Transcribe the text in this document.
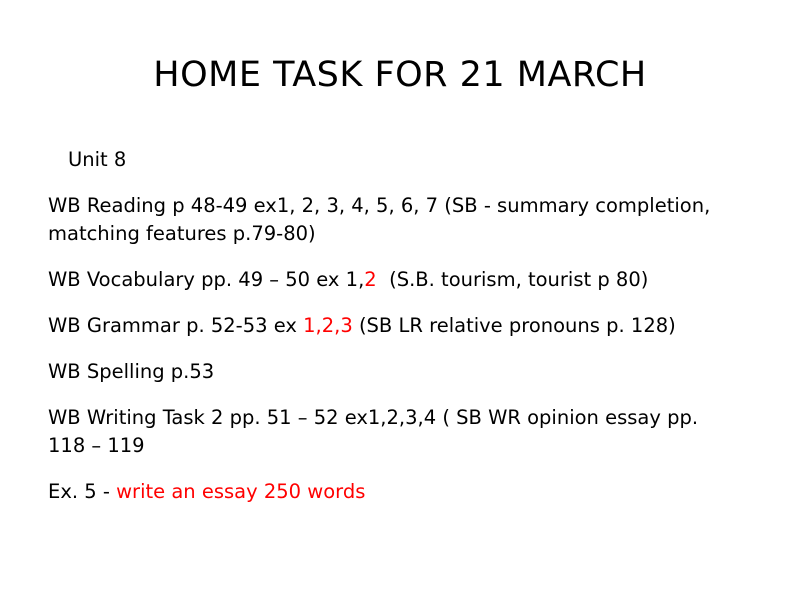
HOME TASK FOR 21 MARCH
Unit 8
WB Reading p 48-49 ex1, 2, 3, 4, 5, 6, 7 (SB - summary completion,
matching features p.79-80)
WB Vocabulary pp. 49 – 50 ex 1,2  (S.B. tourism, tourist p 80)
WB Grammar p. 52-53 ex 1,2,3 (SB LR relative pronouns p. 128)
WB Spelling p.53
WB Writing Task 2 pp. 51 – 52 ex1,2,3,4 ( SB WR opinion essay pp.
118 – 119
Ex. 5 - write an essay 250 words
